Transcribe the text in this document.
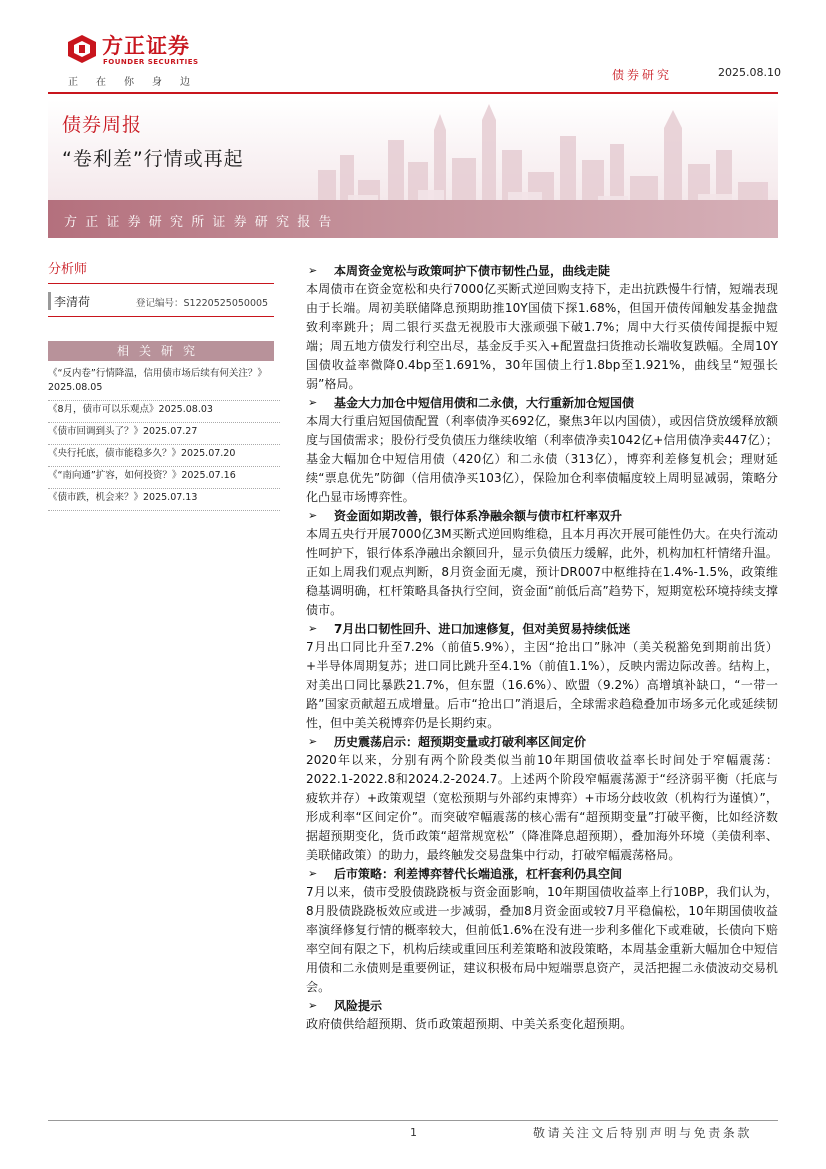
方正证券
FOUNDER SECURITIES
正 在 你 身 边
债券研究	2025.08.10
债券周报
“卷利差”行情或再起
方正证券研究所证券研究报告
分析师
李清荷	登记编号：S1220525050005
相关研究
《“反内卷”行情降温，信用债市场后续有何关注？》2025.08.05
《8月，债市可以乐观点》2025.08.03
《债市回调到头了？》2025.07.27
《央行托底，债市能稳多久？》2025.07.20
《“南向通”扩容，如何投资？》2025.07.16
《债市跌，机会来？》2025.07.13
➢ 本周资金宽松与政策呵护下债市韧性凸显，曲线走陡

本周债市在资金宽松和央行7000亿买断式逆回购支持下，走出抗跌慢牛行情，短端表现由于长端。周初美联储降息预期助推10Y国债下探1.68%，但国开债传闻触发基金抛盘致利率跳升；周二银行买盘无视股市大涨顽强下破1.7%；周中大行买债传闻提振中短端；周五地方债发行利空出尽，基金反手买入+配置盘扫货推动长端收复跌幅。全周10Y国债收益率微降0.4bp至1.691%，30年国债上行1.8bp至1.921%，曲线呈“短强长弱”格局。

➢ 基金大力加仓中短信用债和二永债，大行重新加仓短国债

本周大行重启短国债配置（利率债净买692亿，聚焦3年以内国债），或因信贷放缓释放额度与国债需求；股份行受负债压力继续收缩（利率债净卖1042亿+信用债净卖447亿）；基金大幅加仓中短信用债（420亿）和二永债（313亿），博弈利差修复机会；理财延续“票息优先”防御（信用债净买103亿），保险加仓利率债幅度较上周明显减弱，策略分化凸显市场博弈性。

➢ 资金面如期改善，银行体系净融余额与债市杠杆率双升

本周五央行开展7000亿3M买断式逆回购维稳，且本月再次开展可能性仍大。在央行流动性呵护下，银行体系净融出余额回升，显示负债压力缓解，此外，机构加杠杆情绪升温。正如上周我们观点判断，8月资金面无虞，预计DR007中枢维持在1.4%-1.5%，政策维稳基调明确，杠杆策略具备执行空间，资金面“前低后高”趋势下，短期宽松环境持续支撑债市。

➢ 7月出口韧性回升、进口加速修复，但对美贸易持续低迷

7月出口同比升至7.2%（前值5.9%），主因“抢出口”脉冲（美关税豁免到期前出货）+半导体周期复苏；进口同比跳升至4.1%（前值1.1%），反映内需边际改善。结构上，对美出口同比暴跌21.7%，但东盟（16.6%）、欧盟（9.2%）高增填补缺口，“一带一路”国家贡献超五成增量。后市“抢出口”消退后，全球需求趋稳叠加市场多元化或延续韧性，但中美关税博弈仍是长期约束。

➢ 历史震荡启示：超预期变量或打破利率区间定价

2020年以来，分别有两个阶段类似当前10年期国债收益率长时间处于窄幅震荡：2022.1-2022.8和2024.2-2024.7。上述两个阶段窄幅震荡源于“经济弱平衡（托底与疲软并存）+政策观望（宽松预期与外部约束博弈）+市场分歧收敛（机构行为谨慎）”，形成利率“区间定价”。而突破窄幅震荡的核心需有“超预期变量”打破平衡，比如经济数据超预期变化，货币政策“超常规宽松”（降准降息超预期），叠加海外环境（美债利率、美联储政策）的助力，最终触发交易盘集中行动，打破窄幅震荡格局。

➢ 后市策略：利差博弈替代长端追涨，杠杆套利仍具空间

7月以来，债市受股债跷跷板与资金面影响，10年期国债收益率上行10BP，我们认为，8月股债跷跷板效应或进一步减弱，叠加8月资金面或较7月平稳偏松，10年期国债收益率演绎修复行情的概率较大，但前低1.6%在没有进一步利多催化下或难破，长债向下赔率空间有限之下，机构后续或重回压利差策略和波段策略，本周基金重新大幅加仓中短信用债和二永债则是重要例证，建议积极布局中短端票息资产，灵活把握二永债波动交易机会。

➢ 风险提示

政府债供给超预期、货币政策超预期、中美关系变化超预期。

1	敬请关注文后特别声明与免责条款
